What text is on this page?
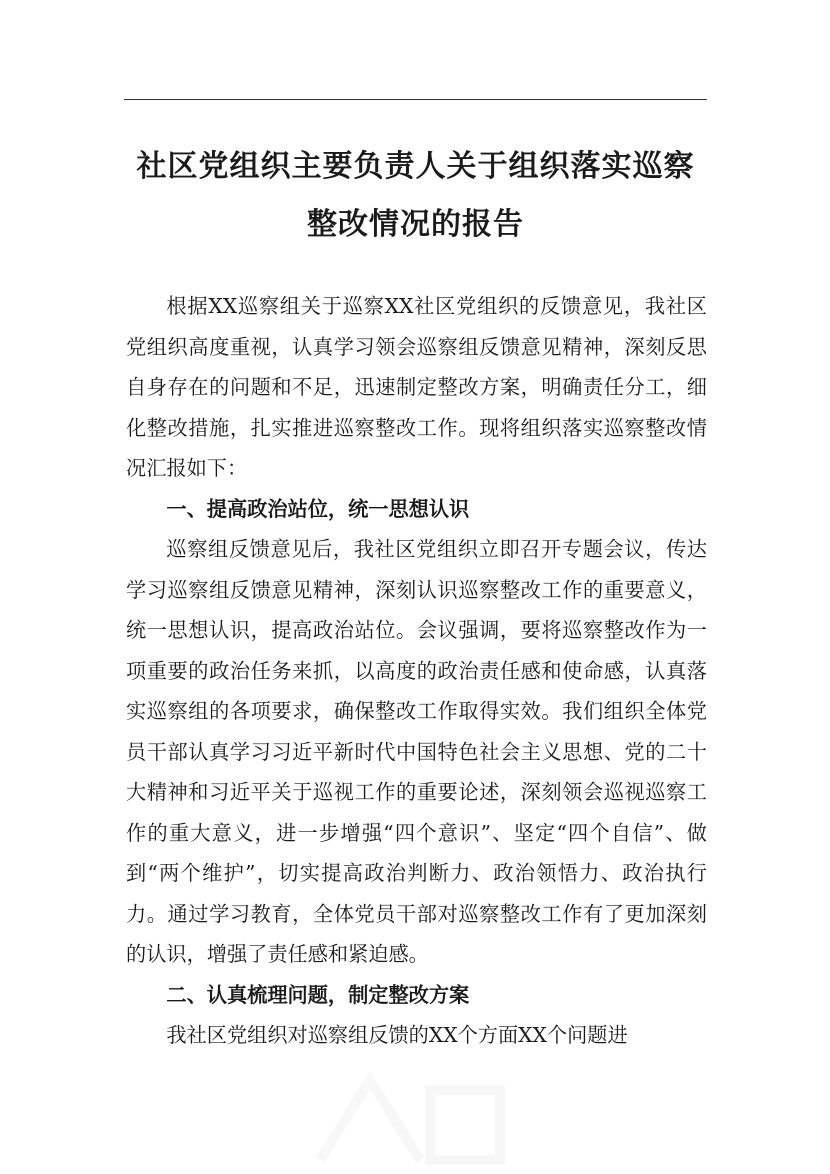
社区党组织主要负责人关于组织落实巡察
整改情况的报告

根据XX巡察组关于巡察XX社区党组织的反馈意见，我社区党组织高度重视，认真学习领会巡察组反馈意见精神，深刻反思自身存在的问题和不足，迅速制定整改方案，明确责任分工，细化整改措施，扎实推进巡察整改工作。现将组织落实巡察整改情况汇报如下：

一、提高政治站位，统一思想认识

巡察组反馈意见后，我社区党组织立即召开专题会议，传达学习巡察组反馈意见精神，深刻认识巡察整改工作的重要意义，统一思想认识，提高政治站位。会议强调，要将巡察整改作为一项重要的政治任务来抓，以高度的政治责任感和使命感，认真落实巡察组的各项要求，确保整改工作取得实效。我们组织全体党员干部认真学习习近平新时代中国特色社会主义思想、党的二十大精神和习近平关于巡视工作的重要论述，深刻领会巡视巡察工作的重大意义，进一步增强“四个意识”、坚定“四个自信”、做到“两个维护”，切实提高政治判断力、政治领悟力、政治执行力。通过学习教育，全体党员干部对巡察整改工作有了更加深刻的认识，增强了责任感和紧迫感。

二、认真梳理问题，制定整改方案

我社区党组织对巡察组反馈的XX个方面XX个问题进
